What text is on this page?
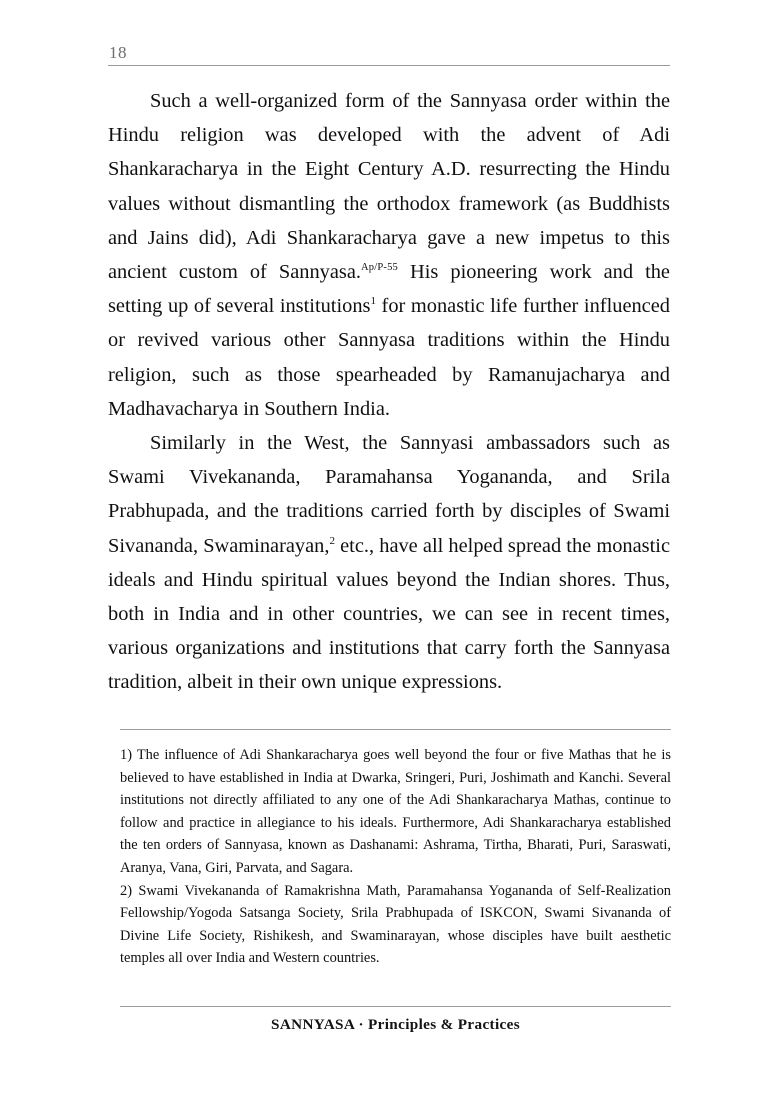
18

Such a well-organized form of the Sannyasa order within the Hindu religion was developed with the advent of Adi Shankaracharya in the Eight Century A.D. resurrecting the Hindu values without dismantling the orthodox framework (as Buddhists and Jains did), Adi Shankaracharya gave a new impetus to this ancient custom of Sannyasa.$^{Ap/P-55}$ His pioneering work and the setting up of several institutions$^1$ for monastic life further influenced or revived various other Sannyasa traditions within the Hindu religion, such as those spearheaded by Ramanujacharya and Madhavacharya in Southern India.

Similarly in the West, the Sannyasi ambassadors such as Swami Vivekananda, Paramahansa Yogananda, and Srila Prabhupada, and the traditions carried forth by disciples of Swami Sivananda, Swaminarayan,$^2$ etc., have all helped spread the monastic ideals and Hindu spiritual values beyond the Indian shores. Thus, both in India and in other countries, we can see in recent times, various organizations and institutions that carry forth the Sannyasa tradition, albeit in their own unique expressions.

1) The influence of Adi Shankaracharya goes well beyond the four or five Mathas that he is believed to have established in India at Dwarka, Sringeri, Puri, Joshimath and Kanchi. Several institutions not directly affiliated to any one of the Adi Shankaracharya Mathas, continue to follow and practice in allegiance to his ideals. Furthermore, Adi Shankaracharya established the ten orders of Sannyasa, known as Dashanami: Ashrama, Tirtha, Bharati, Puri, Saraswati, Aranya, Vana, Giri, Parvata, and Sagara.

2) Swami Vivekananda of Ramakrishna Math, Paramahansa Yogananda of Self-Realization Fellowship/Yogoda Satsanga Society, Srila Prabhupada of ISKCON, Swami Sivananda of Divine Life Society, Rishikesh, and Swaminarayan, whose disciples have built aesthetic temples all over India and Western countries.

SANNYASA · Principles & Practices
